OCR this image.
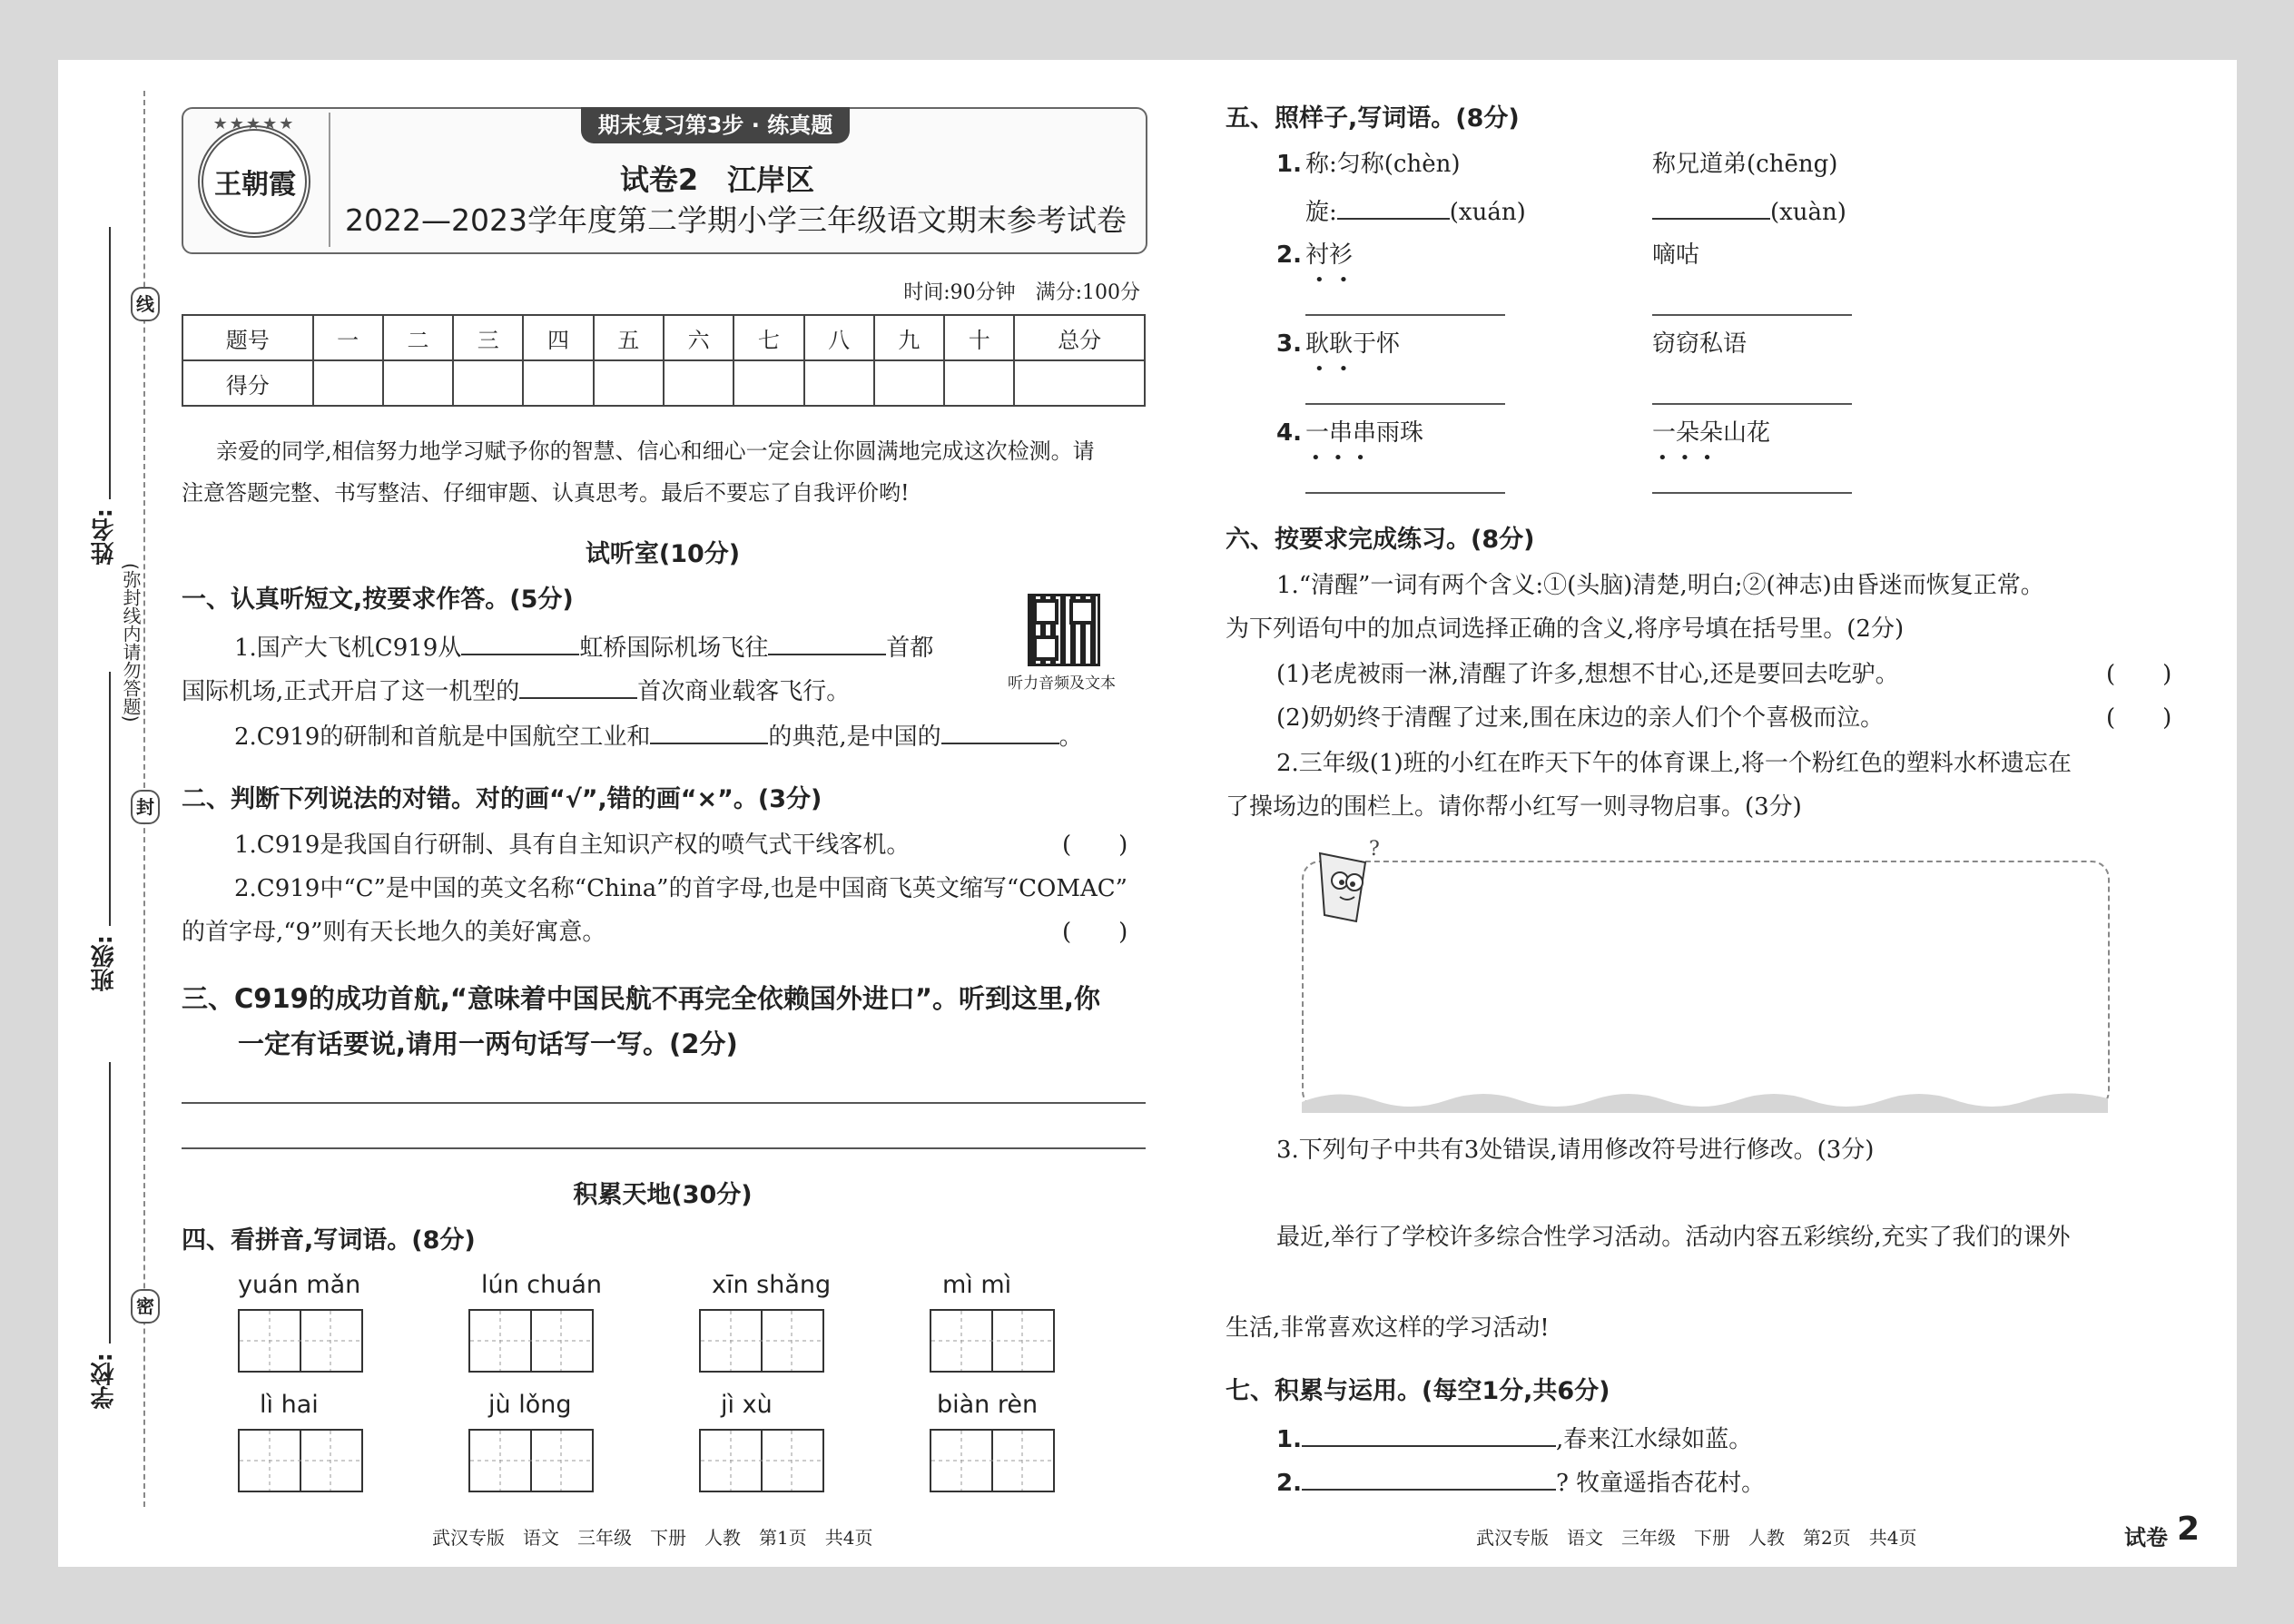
线
封
密
(弥封线内请勿答题)
姓名:
班级:
学校:
★★★★★
王朝霞
期末复习第3步 · 练真题
试卷2　江岸区
2022—2023学年度第二学期小学三年级语文期末参考试卷
时间:90分钟　满分:100分
题号	一	二	三	四	五	六	七	八	九	十	总分
得分											
亲爱的同学,相信努力地学习赋予你的智慧、信心和细心一定会让你圆满地完成这次检测。请
注意答题完整、书写整洁、仔细审题、认真思考。最后不要忘了自我评价哟!
试听室(10分)
一、认真听短文,按要求作答。(5分)
1.国产大飞机C919从	虹桥国际机场飞往	首都
国际机场,正式开启了这一机型的	首次商业载客飞行。
2.C919的研制和首航是中国航空工业和	的典范,是中国的	。
听力音频及文本
二、判断下列说法的对错。对的画“√”,错的画“×”。(3分)
1.C919是我国自行研制、具有自主知识产权的喷气式干线客机。	(　　)
2.C919中“C”是中国的英文名称“China”的首字母,也是中国商飞英文缩写“COMAC”
的首字母,“9”则有天长地久的美好寓意。	(　　)
三、C919的成功首航,“意味着中国民航不再完全依赖国外进口”。听到这里,你
一定有话要说,请用一两句话写一写。(2分)
积累天地(30分)
四、看拼音,写词语。(8分)
yuán mǎn	lún chuán	xīn shǎng	mì mì
lì hai	jù lǒng	jì xù	biàn rèn
武汉专版　语文　三年级　下册　人教　第1页　共4页
五、照样子,写词语。(8分)
1. 称:匀称(chèn)	称兄道弟(chēng)
旋:	(xuán)	(xuàn)
2. 衬衫	嘀咕
••
3. 耿耿于怀	窃窃私语
••
4. 一串串雨珠	一朵朵山花
•••	•••
六、按要求完成练习。(8分)
1.“清醒”一词有两个含义:①(头脑)清楚,明白;②(神志)由昏迷而恢复正常。
为下列语句中的加点词选择正确的含义,将序号填在括号里。(2分)
(1)老虎被雨一淋,清醒了许多,想想不甘心,还是要回去吃驴。	(　　)
(2)奶奶终于清醒了过来,围在床边的亲人们个个喜极而泣。	(　　)
2.三年级(1)班的小红在昨天下午的体育课上,将一个粉红色的塑料水杯遗忘在
了操场边的围栏上。请你帮小红写一则寻物启事。(3分)
?
3.下列句子中共有3处错误,请用修改符号进行修改。(3分)
最近,举行了学校许多综合性学习活动。活动内容五彩缤纷,充实了我们的课外
生活,非常喜欢这样的学习活动!
七、积累与运用。(每空1分,共6分)
1.	,春来江水绿如蓝。
2.	? 牧童遥指杏花村。
武汉专版　语文　三年级　下册　人教　第2页　共4页	试卷 2
